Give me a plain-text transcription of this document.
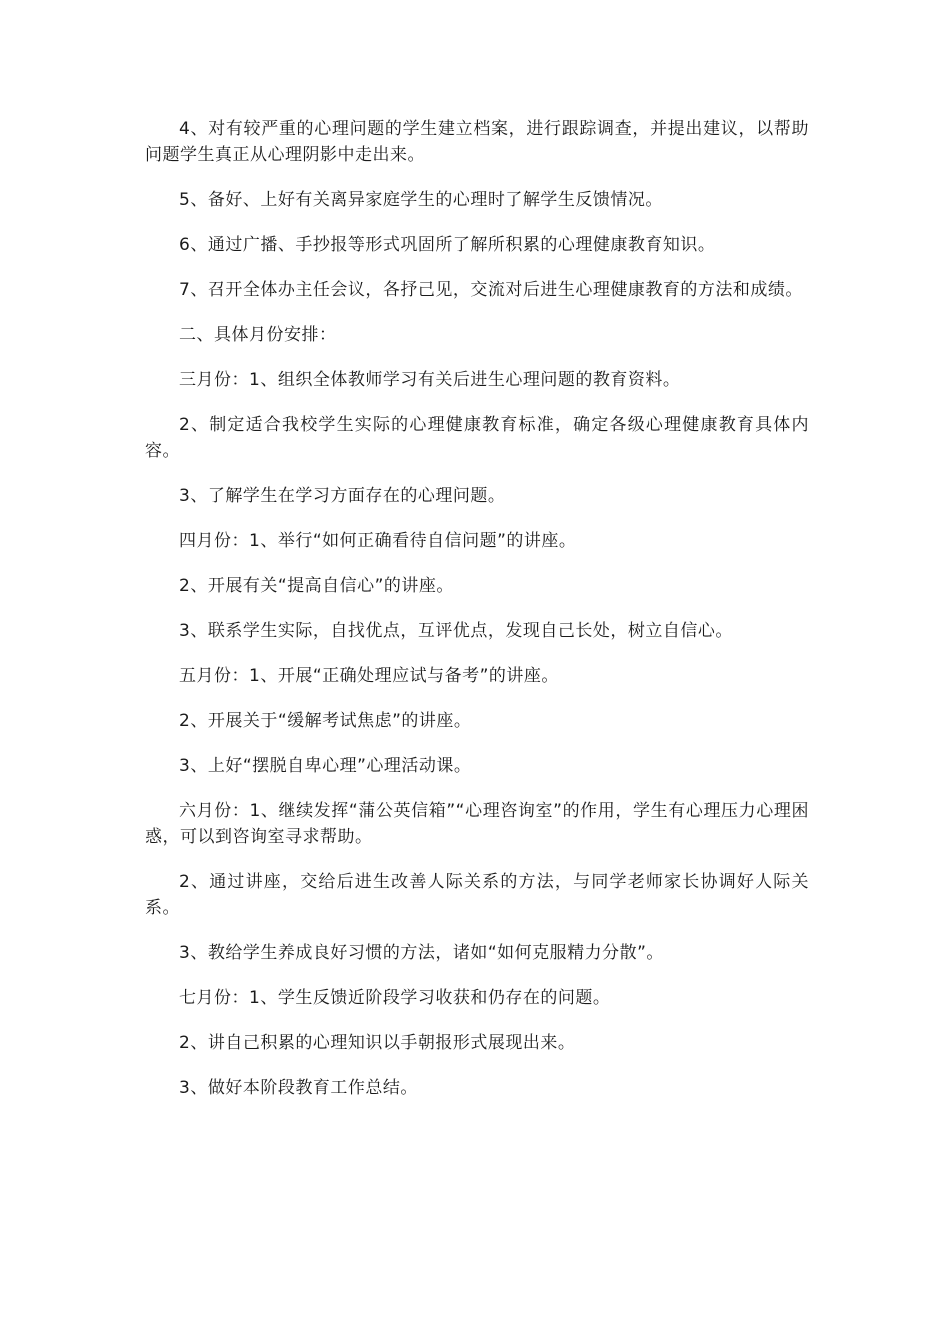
4、对有较严重的心理问题的学生建立档案，进行跟踪调查，并提出建议，以帮助问题学生真正从心理阴影中走出来。

5、备好、上好有关离异家庭学生的心理时了解学生反馈情况。

6、通过广播、手抄报等形式巩固所了解所积累的心理健康教育知识。

7、召开全体办主任会议，各抒己见，交流对后进生心理健康教育的方法和成绩。

二、具体月份安排：

三月份：1、组织全体教师学习有关后进生心理问题的教育资料。

2、制定适合我校学生实际的心理健康教育标准，确定各级心理健康教育具体内容。

3、了解学生在学习方面存在的心理问题。

四月份：1、举行“如何正确看待自信问题”的讲座。

2、开展有关“提高自信心”的讲座。

3、联系学生实际，自找优点，互评优点，发现自己长处，树立自信心。

五月份：1、开展“正确处理应试与备考”的讲座。

2、开展关于“缓解考试焦虑”的讲座。

3、上好“摆脱自卑心理”心理活动课。

六月份：1、继续发挥“蒲公英信箱”“心理咨询室”的作用，学生有心理压力心理困惑，可以到咨询室寻求帮助。

2、通过讲座，交给后进生改善人际关系的方法，与同学老师家长协调好人际关系。

3、教给学生养成良好习惯的方法，诸如“如何克服精力分散”。

七月份：1、学生反馈近阶段学习收获和仍存在的问题。

2、讲自己积累的心理知识以手朝报形式展现出来。

3、做好本阶段教育工作总结。
